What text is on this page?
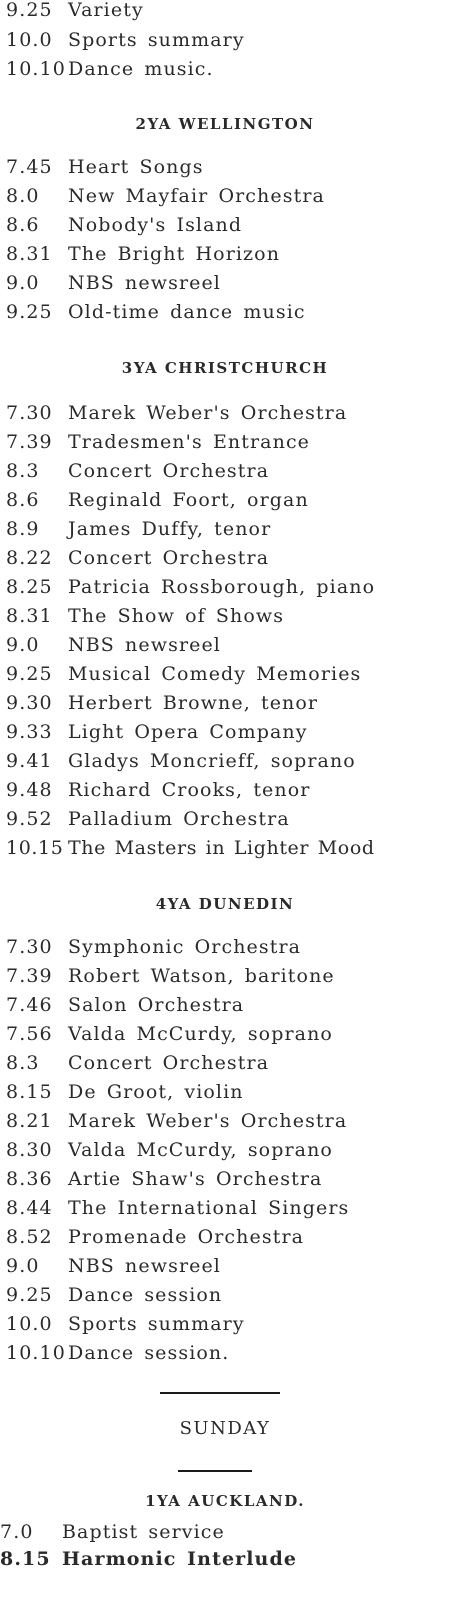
9.25 Variety
10.0 Sports summary
10.10 Dance music.
2YA WELLINGTON
7.45 Heart Songs
8.0 New Mayfair Orchestra
8.6 Nobody's Island
8.31 The Bright Horizon
9.0 NBS newsreel
9.25 Old-time dance music
3YA CHRISTCHURCH
7.30 Marek Weber's Orchestra
7.39 Tradesmen's Entrance
8.3 Concert Orchestra
8.6 Reginald Foort, organ
8.9 James Duffy, tenor
8.22 Concert Orchestra
8.25 Patricia Rossborough, piano
8.31 The Show of Shows
9.0 NBS newsreel
9.25 Musical Comedy Memories
9.30 Herbert Browne, tenor
9.33 Light Opera Company
9.41 Gladys Moncrieff, soprano
9.48 Richard Crooks, tenor
9.52 Palladium Orchestra
10.15 The Masters in Lighter Mood
4YA DUNEDIN
7.30 Symphonic Orchestra
7.39 Robert Watson, baritone
7.46 Salon Orchestra
7.56 Valda McCurdy, soprano
8.3 Concert Orchestra
8.15 De Groot, violin
8.21 Marek Weber's Orchestra
8.30 Valda McCurdy, soprano
8.36 Artie Shaw's Orchestra
8.44 The International Singers
8.52 Promenade Orchestra
9.0 NBS newsreel
9.25 Dance session
10.0 Sports summary
10.10 Dance session.
SUNDAY
1YA AUCKLAND.
7.0 Baptist service
8.15 Harmonic Interlude
